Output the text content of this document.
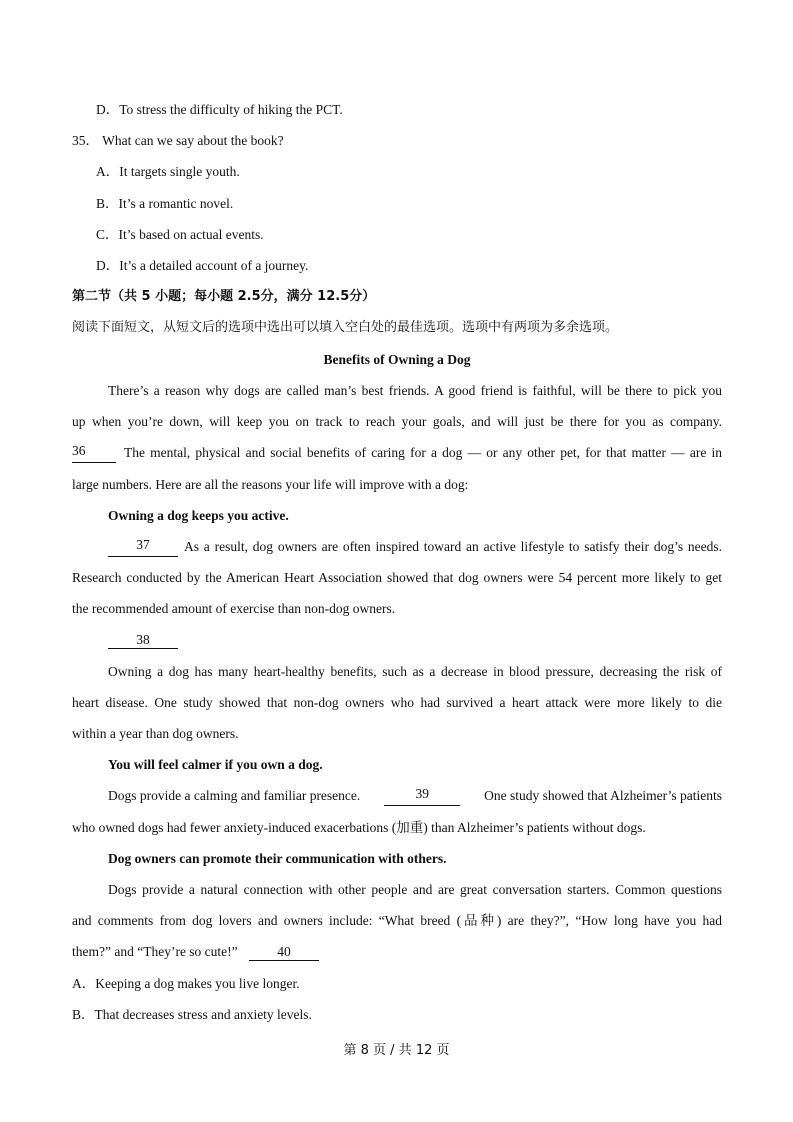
D．To stress the difficulty of hiking the PCT.
35． What can we say about the book?
A．It targets single youth.
B．It’s a romantic novel.
C．It’s based on actual events.
D．It’s a detailed account of a journey.
第二节（共 5 小题；每小题 2.5分，满分 12.5分）
阅读下面短文，从短文后的选项中选出可以填入空白处的最佳选项。选项中有两项为多余选项。
Benefits of Owning a Dog
There’s a reason why dogs are called man’s best friends. A good friend is faithful, will be there to pick you
up when you’re down, will keep you on track to reach your goals, and will just be there for you as company.
36	The mental, physical and social benefits of caring for a dog — or any other pet, for that matter — are in
large numbers. Here are all the reasons your life will improve with a dog:
Owning a dog keeps you active.
37	As a result, dog owners are often inspired toward an active lifestyle to satisfy their dog’s needs.
Research conducted by the American Heart Association showed that dog owners were 54 percent more likely to get
the recommended amount of exercise than non-dog owners.
38
Owning a dog has many heart-healthy benefits, such as a decrease in blood pressure, decreasing the risk of
heart disease. One study showed that non-dog owners who had survived a heart attack were more likely to die
within a year than dog owners.
You will feel calmer if you own a dog.
Dogs provide a calming and familiar presence.	39	One study showed that Alzheimer’s patients
who owned dogs had fewer anxiety-induced exacerbations (加重) than Alzheimer’s patients without dogs.
Dog owners can promote their communication with others.
Dogs provide a natural connection with other people and are great conversation starters. Common questions
and comments from dog lovers and owners include: “What breed (品种) are they?”, “How long have you had
them?” and “They’re so cute!”	40
A．Keeping a dog makes you live longer.
B．That decreases stress and anxiety levels.
第 8 页 / 共 12 页
